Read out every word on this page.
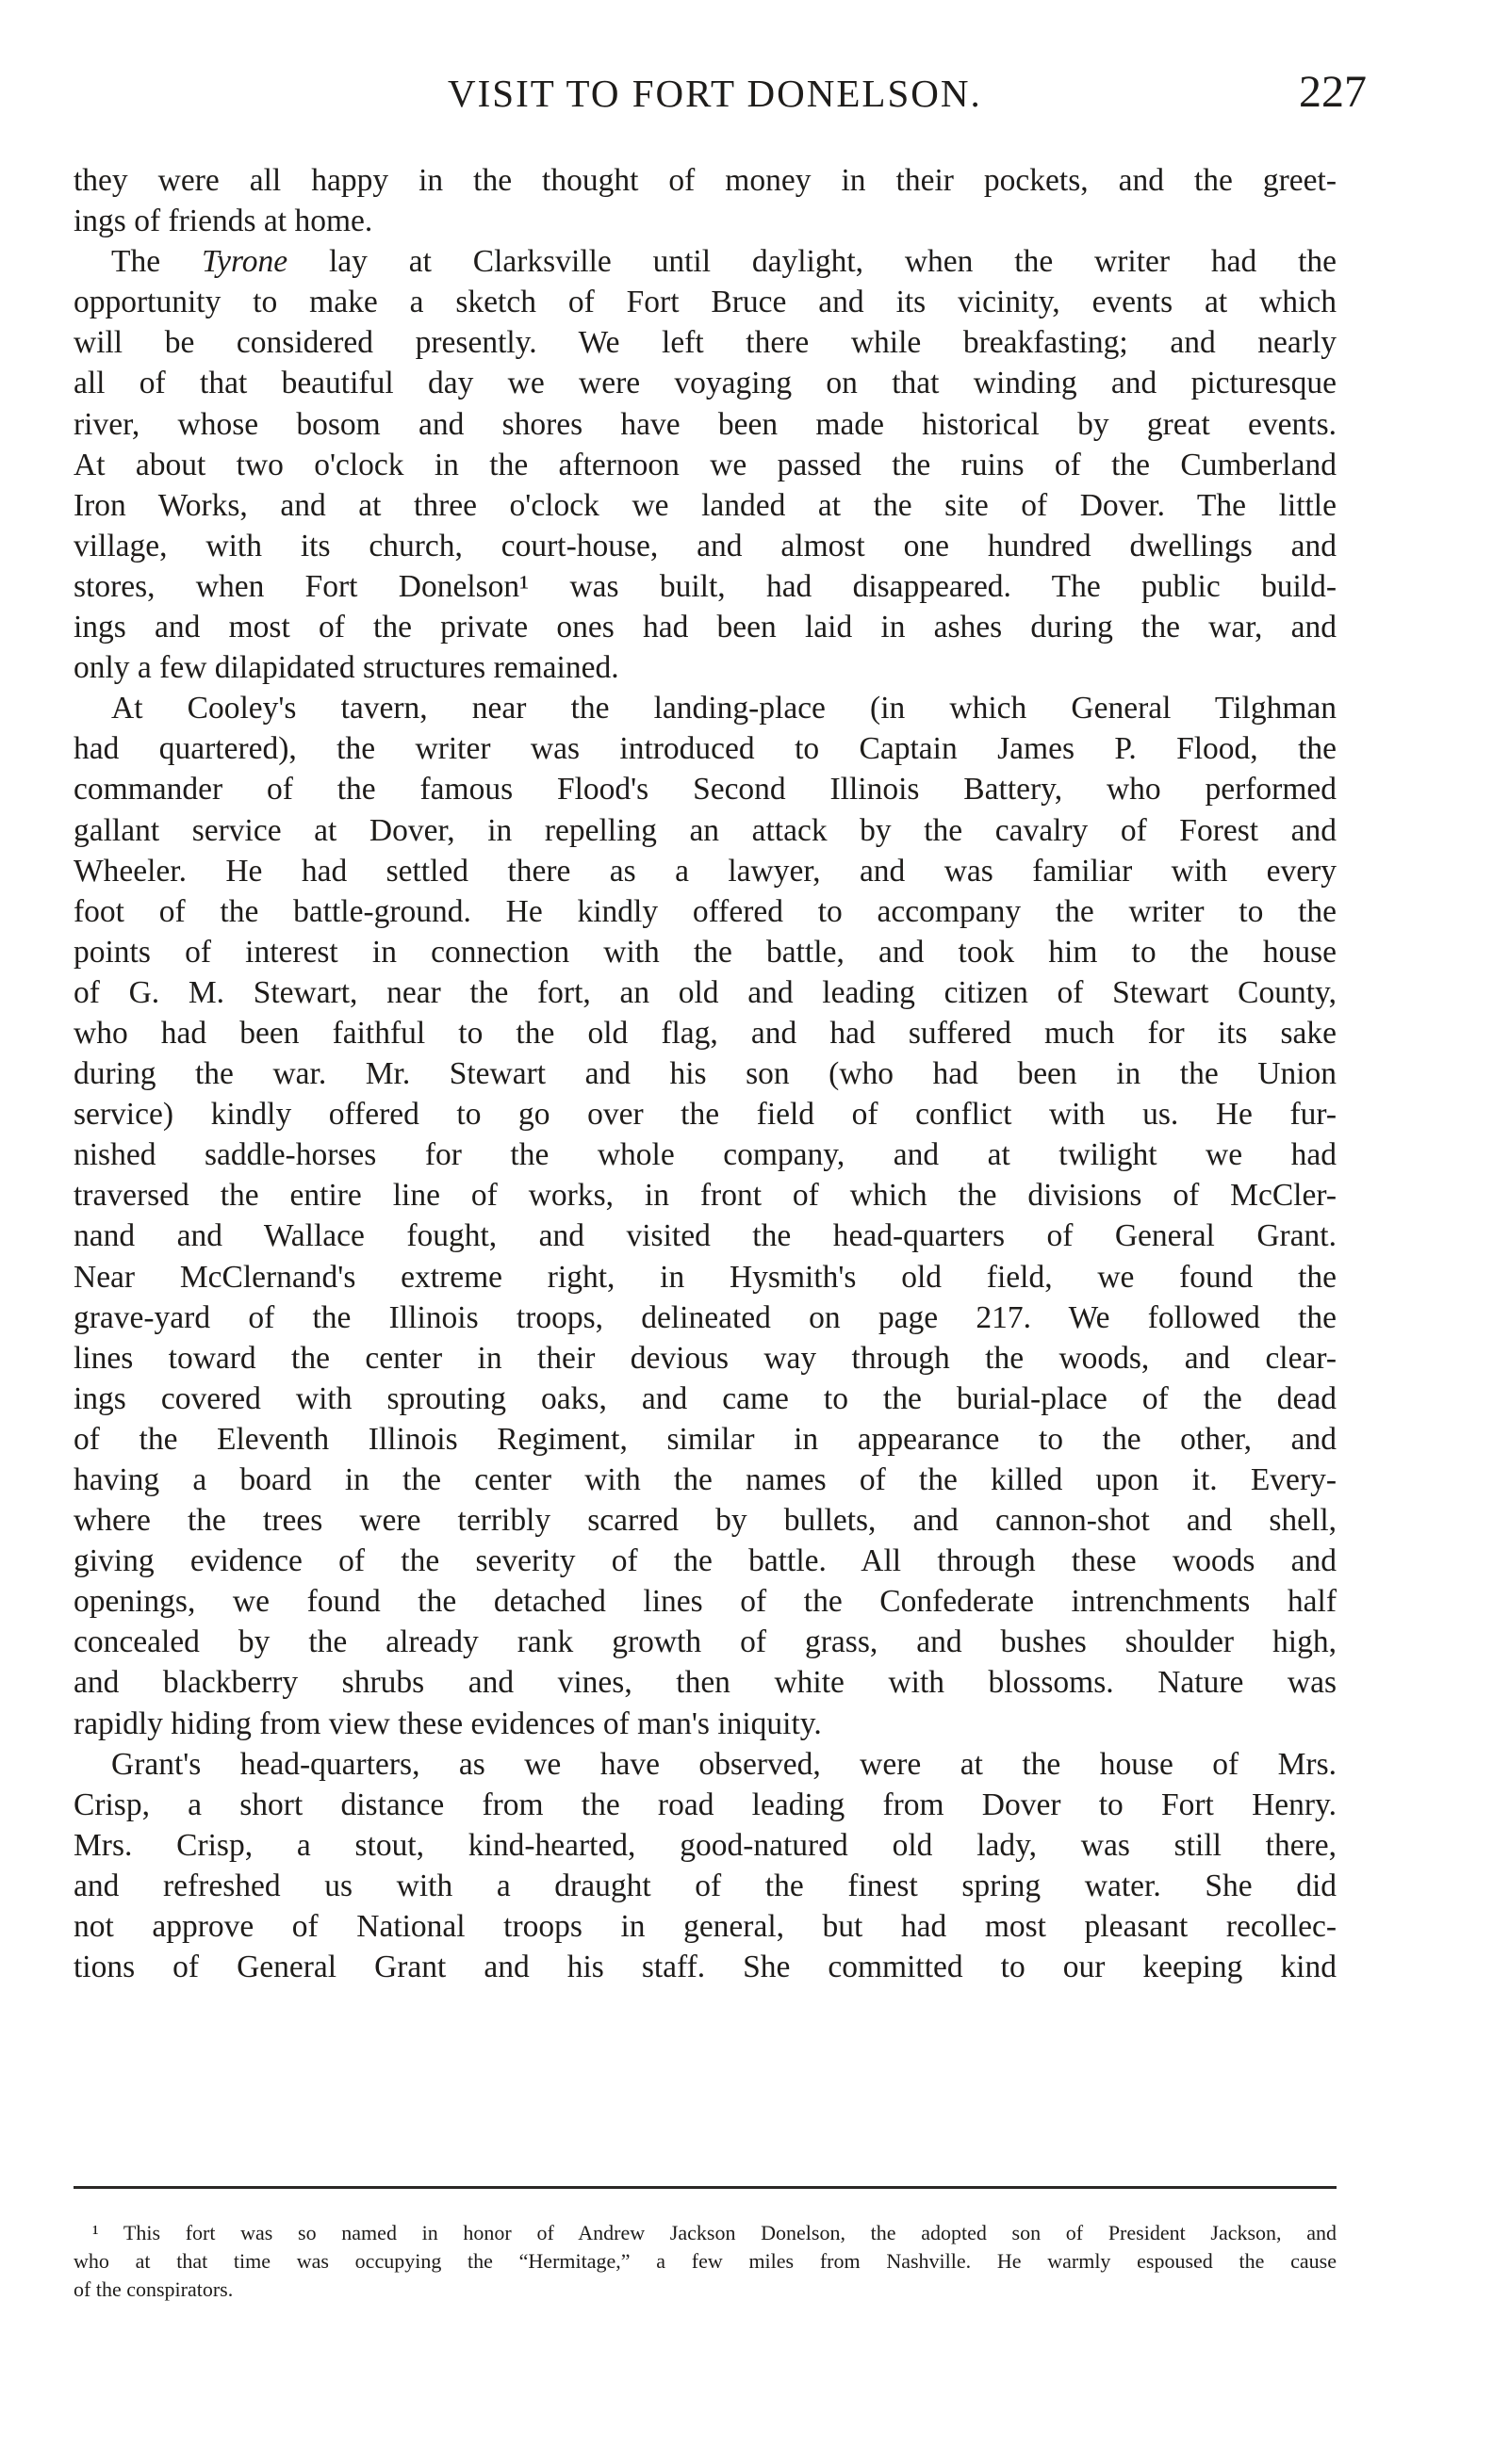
VISIT TO FORT DONELSON.	227
they were all happy in the thought of money in their pockets, and the greet-
ings of friends at home.
The Tyrone lay at Clarksville until daylight, when the writer had the
opportunity to make a sketch of Fort Bruce and its vicinity, events at which
will be considered presently. We left there while breakfasting; and nearly
all of that beautiful day we were voyaging on that winding and picturesque
river, whose bosom and shores have been made historical by great events.
At about two o'clock in the afternoon we passed the ruins of the Cumberland
Iron Works, and at three o'clock we landed at the site of Dover. The little
village, with its church, court-house, and almost one hundred dwellings and
stores, when Fort Donelson¹ was built, had disappeared. The public build-
ings and most of the private ones had been laid in ashes during the war, and
only a few dilapidated structures remained.
At Cooley's tavern, near the landing-place (in which General Tilghman
had quartered), the writer was introduced to Captain James P. Flood, the
commander of the famous Flood's Second Illinois Battery, who performed
gallant service at Dover, in repelling an attack by the cavalry of Forest and
Wheeler. He had settled there as a lawyer, and was familiar with every
foot of the battle-ground. He kindly offered to accompany the writer to the
points of interest in connection with the battle, and took him to the house
of G. M. Stewart, near the fort, an old and leading citizen of Stewart County,
who had been faithful to the old flag, and had suffered much for its sake
during the war. Mr. Stewart and his son (who had been in the Union
service) kindly offered to go over the field of conflict with us. He fur-
nished saddle-horses for the whole company, and at twilight we had
traversed the entire line of works, in front of which the divisions of McCler-
nand and Wallace fought, and visited the head-quarters of General Grant.
Near McClernand's extreme right, in Hysmith's old field, we found the
grave-yard of the Illinois troops, delineated on page 217. We followed the
lines toward the center in their devious way through the woods, and clear-
ings covered with sprouting oaks, and came to the burial-place of the dead
of the Eleventh Illinois Regiment, similar in appearance to the other, and
having a board in the center with the names of the killed upon it. Every-
where the trees were terribly scarred by bullets, and cannon-shot and shell,
giving evidence of the severity of the battle. All through these woods and
openings, we found the detached lines of the Confederate intrenchments half
concealed by the already rank growth of grass, and bushes shoulder high,
and blackberry shrubs and vines, then white with blossoms. Nature was
rapidly hiding from view these evidences of man's iniquity.
Grant's head-quarters, as we have observed, were at the house of Mrs.
Crisp, a short distance from the road leading from Dover to Fort Henry.
Mrs. Crisp, a stout, kind-hearted, good-natured old lady, was still there,
and refreshed us with a draught of the finest spring water. She did
not approve of National troops in general, but had most pleasant recollec-
tions of General Grant and his staff. She committed to our keeping kind
¹ This fort was so named in honor of Andrew Jackson Donelson, the adopted son of President Jackson, and
who at that time was occupying the “Hermitage,” a few miles from Nashville. He warmly espoused the cause
of the conspirators.
